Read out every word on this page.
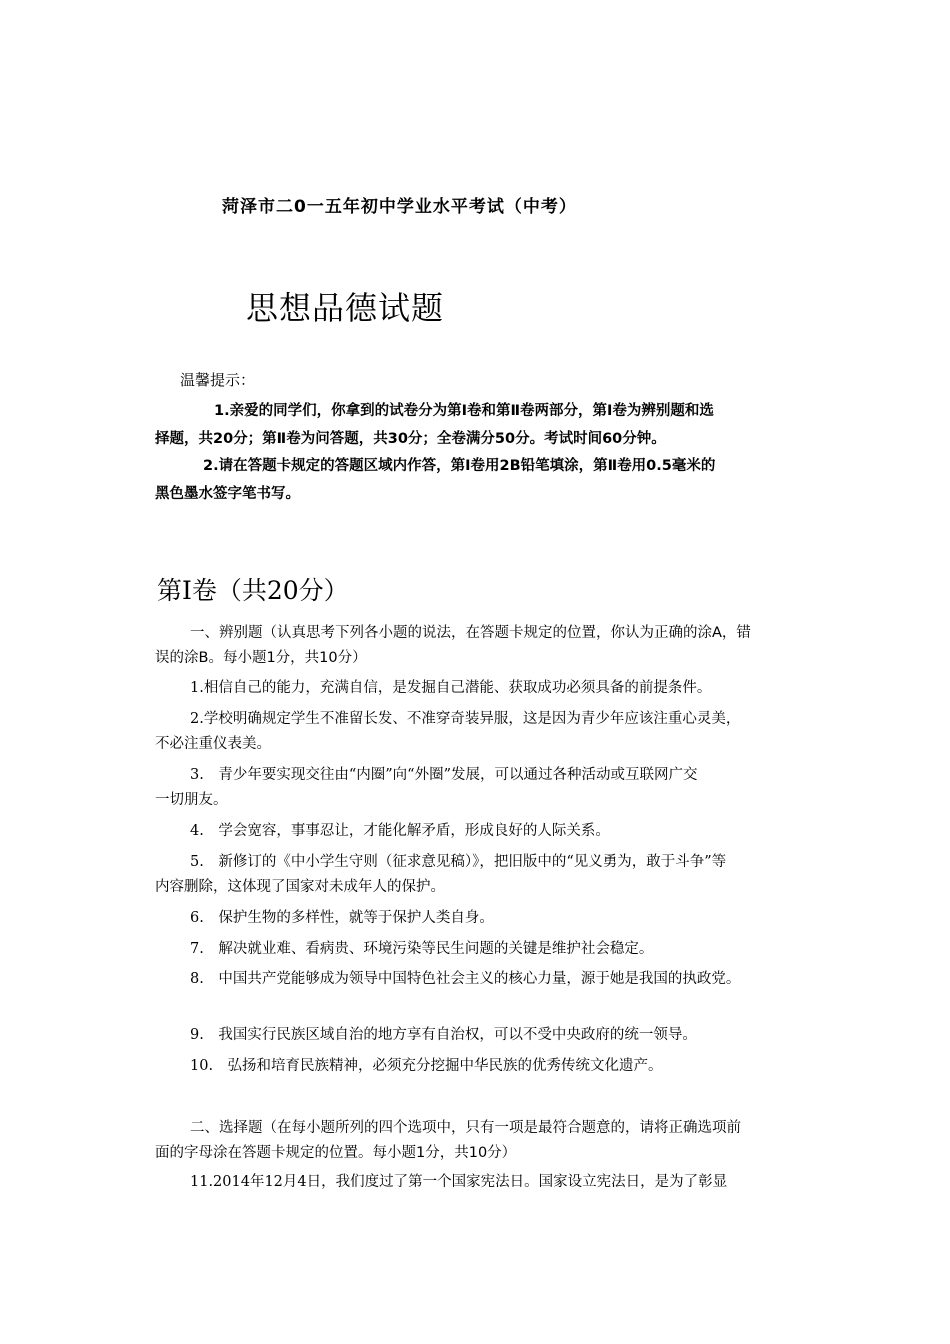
菏泽市二0一五年初中学业水平考试（中考）
思想品德试题
温馨提示：
1.亲爱的同学们，你拿到的试卷分为第Ⅰ卷和第Ⅱ卷两部分，第Ⅰ卷为辨别题和选
择题，共20分；第Ⅱ卷为问答题，共30分；全卷满分50分。考试时间60分钟。
2.请在答题卡规定的答题区域内作答，第Ⅰ卷用2B铅笔填涂，第Ⅱ卷用0.5毫米的
黑色墨水签字笔书写。
第Ⅰ卷（共20分）
一、辨别题（认真思考下列各小题的说法，在答题卡规定的位置，你认为正确的涂A，错
误的涂B。每小题1分，共10分）
1.相信自己的能力，充满自信，是发掘自己潜能、获取成功必须具备的前提条件。
2.学校明确规定学生不准留长发、不准穿奇装异服，这是因为青少年应该注重心灵美，
不必注重仪表美。
3.　青少年要实现交往由“内圈”向“外圈”发展，可以通过各种活动或互联网广交
一切朋友。
4.　学会宽容，事事忍让，才能化解矛盾，形成良好的人际关系。
5.　新修订的《中小学生守则（征求意见稿）》，把旧版中的“见义勇为，敢于斗争”等
内容删除，这体现了国家对未成年人的保护。
6.　保护生物的多样性，就等于保护人类自身。
7.　解决就业难、看病贵、环境污染等民生问题的关键是维护社会稳定。
8.　中国共产党能够成为领导中国特色社会主义的核心力量，源于她是我国的执政党。
9.　我国实行民族区域自治的地方享有自治权，可以不受中央政府的统一领导。
10.　弘扬和培育民族精神，必须充分挖掘中华民族的优秀传统文化遗产。
二、选择题（在每小题所列的四个选项中，只有一项是最符合题意的，请将正确选项前
面的字母涂在答题卡规定的位置。每小题1分，共10分）
11.2014年12月4日，我们度过了第一个国家宪法日。国家设立宪法日，是为了彰显
